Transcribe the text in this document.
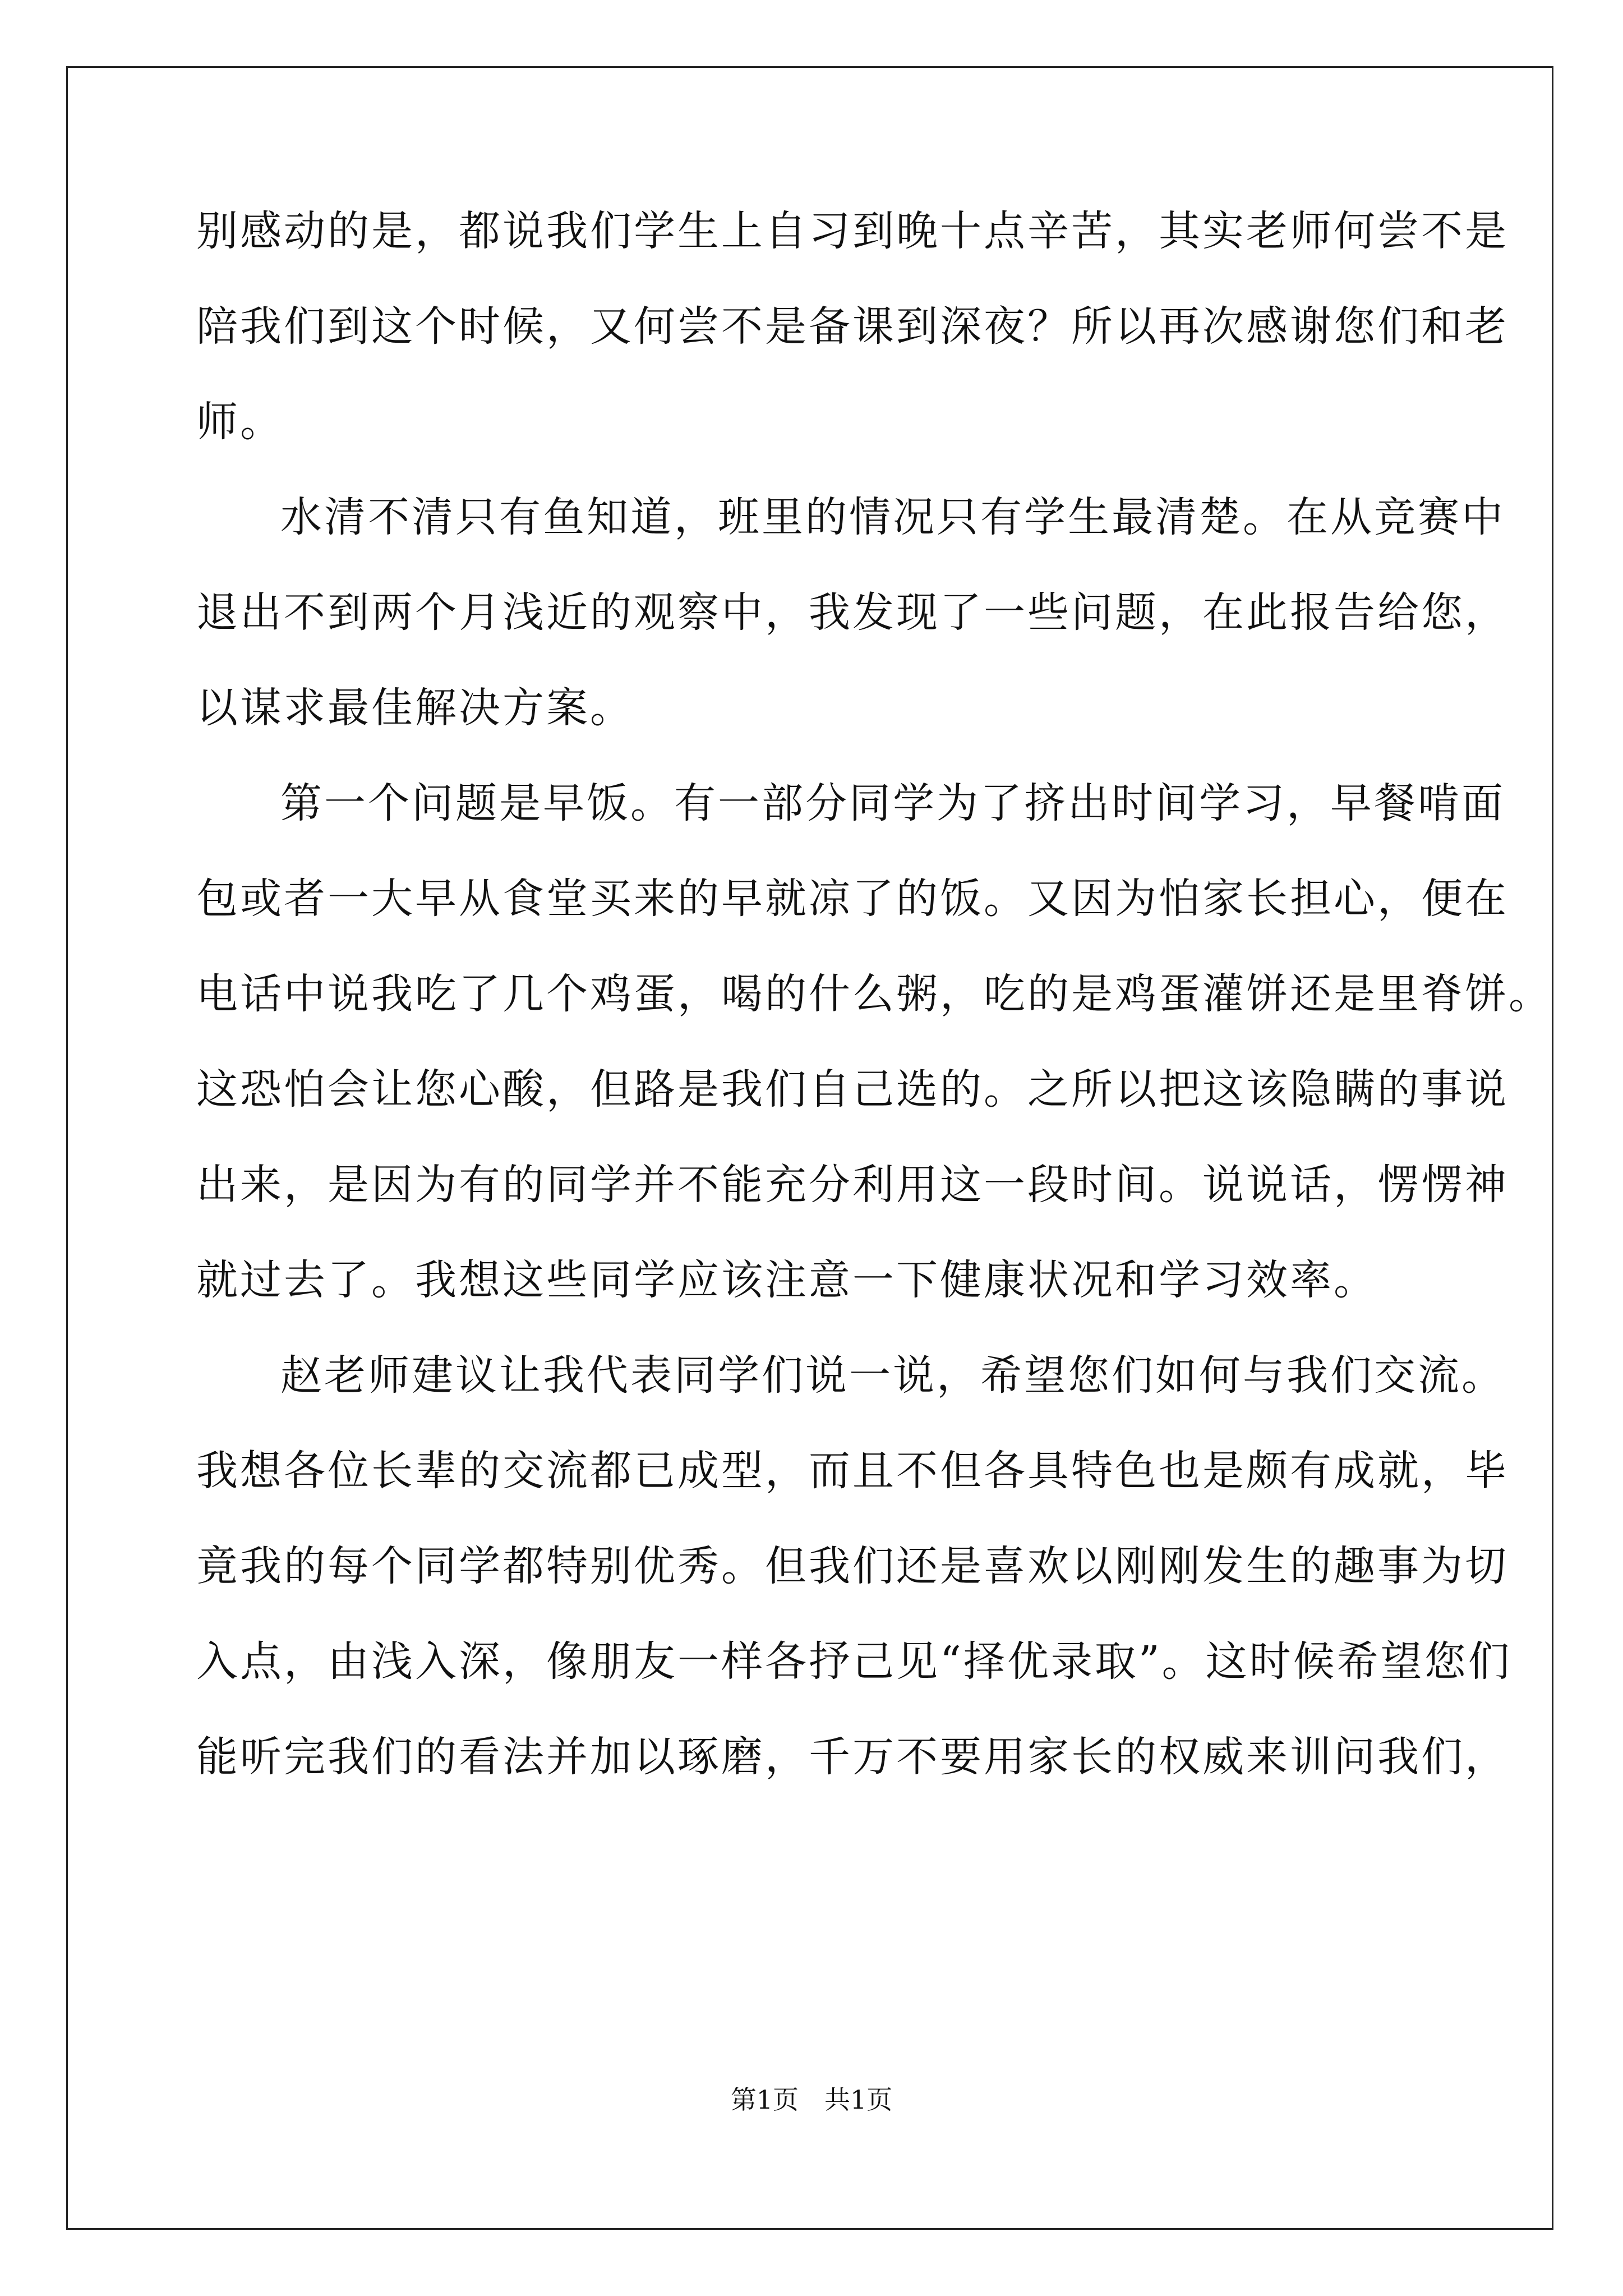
别感动的是，都说我们学生上自习到晚十点辛苦，其实老师何尝不是
陪我们到这个时候，又何尝不是备课到深夜？所以再次感谢您们和老
师。
水清不清只有鱼知道，班里的情况只有学生最清楚。在从竞赛中
退出不到两个月浅近的观察中，我发现了一些问题，在此报告给您，
以谋求最佳解决方案。
第一个问题是早饭。有一部分同学为了挤出时间学习，早餐啃面
包或者一大早从食堂买来的早就凉了的饭。又因为怕家长担心，便在
电话中说我吃了几个鸡蛋，喝的什么粥，吃的是鸡蛋灌饼还是里脊饼。
这恐怕会让您心酸，但路是我们自己选的。之所以把这该隐瞒的事说
出来，是因为有的同学并不能充分利用这一段时间。说说话，愣愣神
就过去了。我想这些同学应该注意一下健康状况和学习效率。
赵老师建议让我代表同学们说一说，希望您们如何与我们交流。
我想各位长辈的交流都已成型，而且不但各具特色也是颇有成就，毕
竟我的每个同学都特别优秀。但我们还是喜欢以刚刚发生的趣事为切
入点，由浅入深，像朋友一样各抒己见“择优录取”。这时候希望您们
能听完我们的看法并加以琢磨，千万不要用家长的权威来训问我们，
第1页　共1页
